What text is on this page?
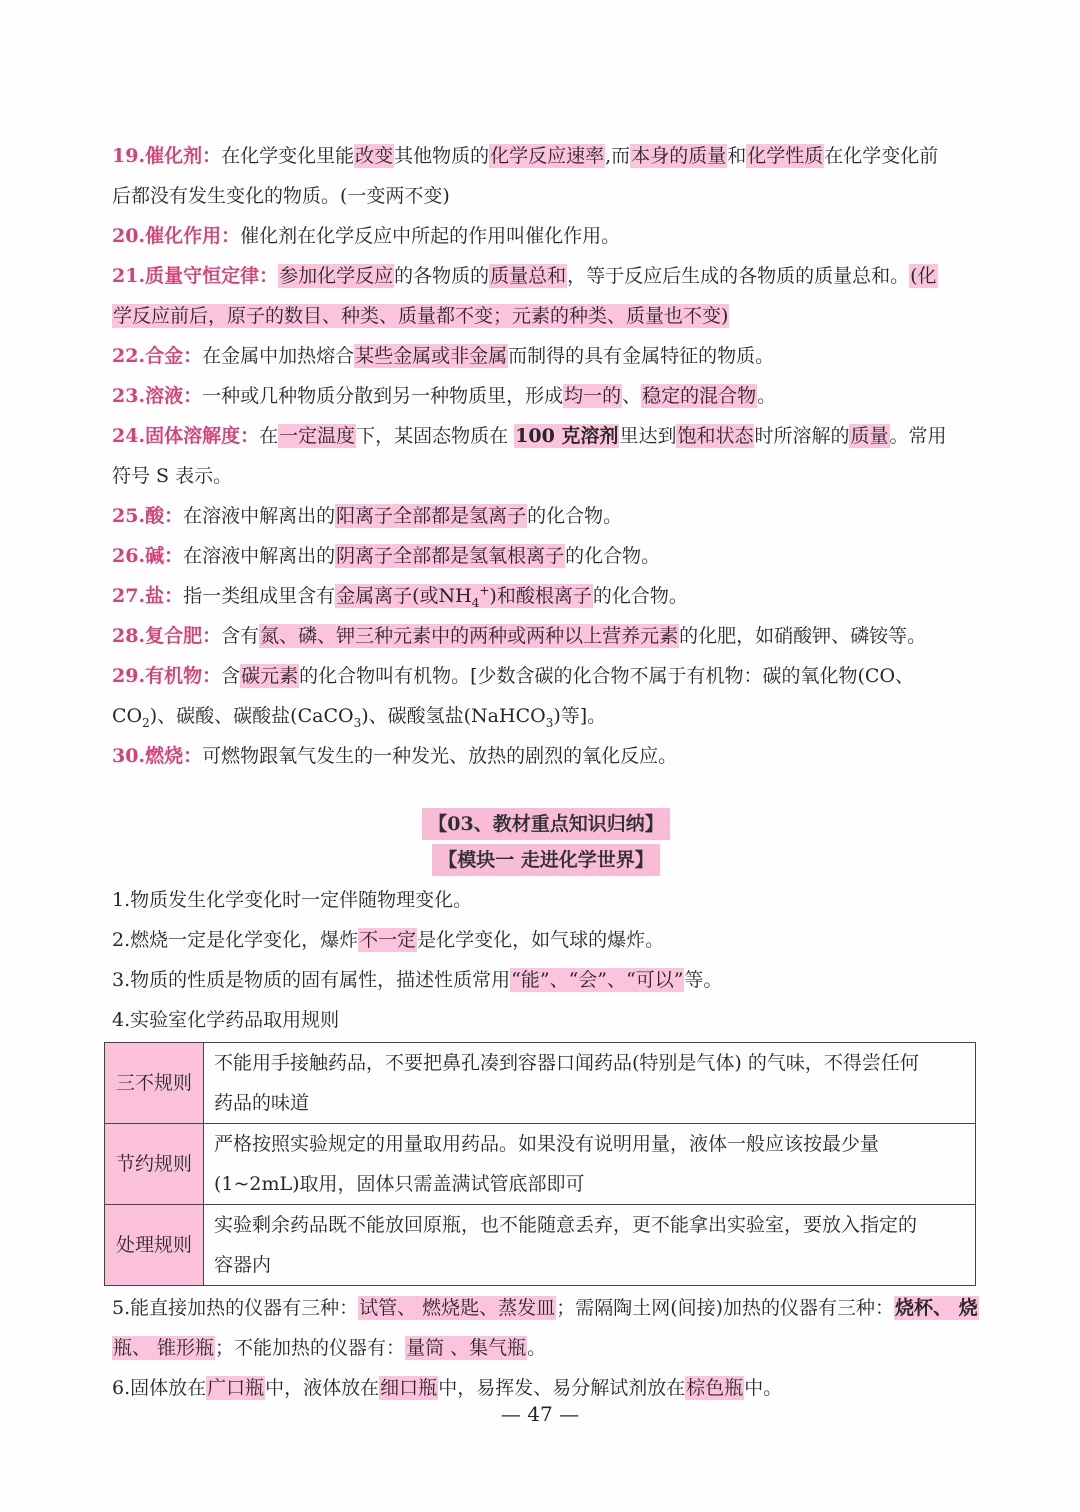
19.催化剂：在化学变化里能改变其他物质的化学反应速率,而本身的质量和化学性质在化学变化前

后都没有发生变化的物质。(一变两不变)

20.催化作用：催化剂在化学反应中所起的作用叫催化作用。

21.质量守恒定律：参加化学反应的各物质的质量总和，等于反应后生成的各物质的质量总和。(化

学反应前后，原子的数目、种类、质量都不变；元素的种类、质量也不变)

22.合金：在金属中加热熔合某些金属或非金属而制得的具有金属特征的物质。

23.溶液：一种或几种物质分散到另一种物质里，形成均一的、稳定的混合物。

24.固体溶解度：在一定温度下，某固态物质在 100 克溶剂里达到饱和状态时所溶解的质量。常用

符号 S 表示。

25.酸：在溶液中解离出的阳离子全部都是氢离子的化合物。

26.碱：在溶液中解离出的阴离子全部都是氢氧根离子的化合物。

27.盐：指一类组成里含有金属离子(或$NH_4^+$)和酸根离子的化合物。

28.复合肥：含有氮、磷、钾三种元素中的两种或两种以上营养元素的化肥，如硝酸钾、磷铵等。

29.有机物：含碳元素的化合物叫有机物。[少数含碳的化合物不属于有机物：碳的氧化物(CO、

$CO_2$)、碳酸、碳酸盐(CaCO$_3$)、碳酸氢盐(NaHCO$_3$)等]。

30.燃烧：可燃物跟氧气发生的一种发光、放热的剧烈的氧化反应。

【03、教材重点知识归纳】
【模块一 走进化学世界】

1.物质发生化学变化时一定伴随物理变化。

2.燃烧一定是化学变化，爆炸不一定是化学变化，如气球的爆炸。

3.物质的性质是物质的固有属性，描述性质常用“能”、“会”、“可以”等。

4.实验室化学药品取用规则

三不规则	不能用手接触药品，不要把鼻孔凑到容器口闻药品(特别是气体) 的气味，不得尝任何
药品的味道

节约规则	严格按照实验规定的用量取用药品。如果没有说明用量，液体一般应该按最少量
(1~2mL)取用，固体只需盖满试管底部即可

处理规则	实验剩余药品既不能放回原瓶，也不能随意丢弃，更不能拿出实验室，要放入指定的
容器内

5.能直接加热的仪器有三种：试管、 燃烧匙、蒸发皿；需隔陶土网(间接)加热的仪器有三种：烧杯、 烧

瓶、 锥形瓶；不能加热的仪器有：量筒 、集气瓶。

6.固体放在广口瓶中，液体放在细口瓶中，易挥发、易分解试剂放在棕色瓶中。

— 47 —
